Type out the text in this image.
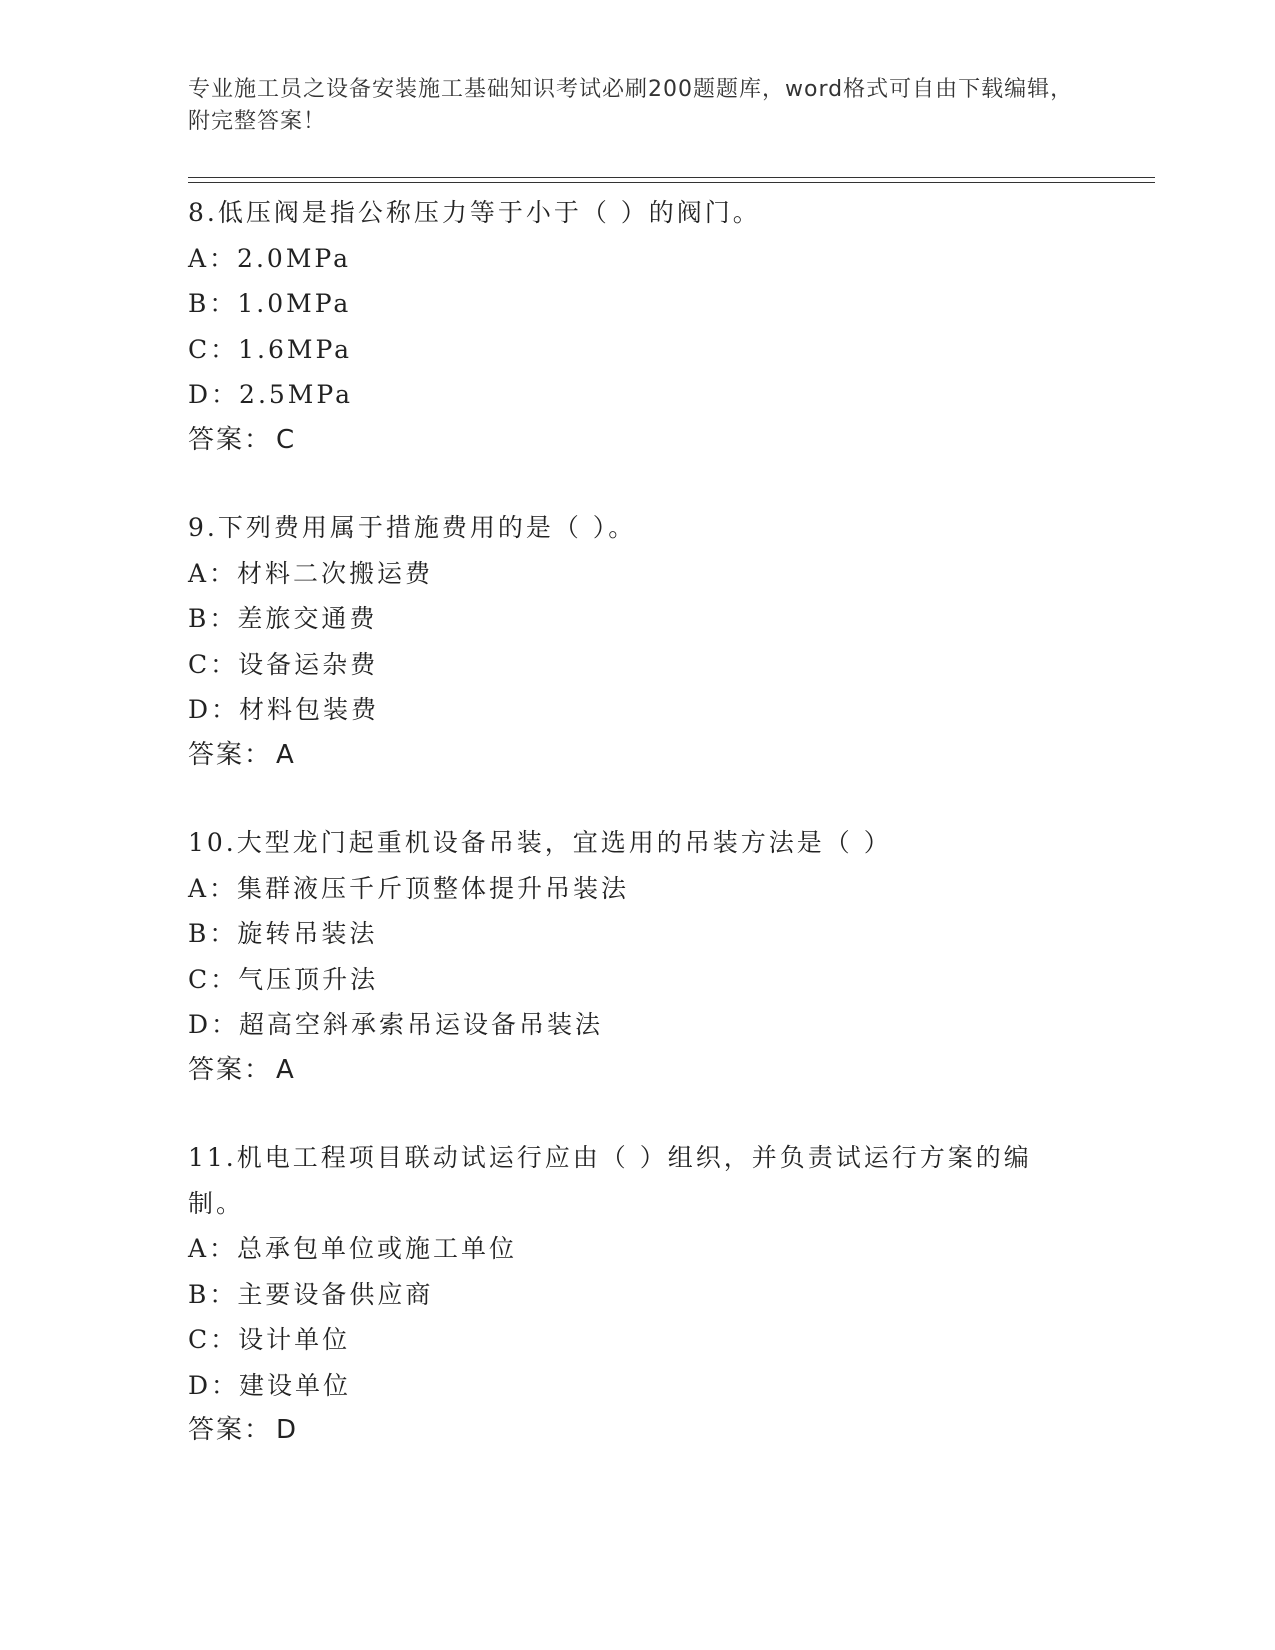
专业施工员之设备安装施工基础知识考试必刷200题题库，word格式可自由下载编辑，附完整答案！
8.低压阀是指公称压力等于小于（ ）的阀门。
A：2.0MPa
B：1.0MPa
C：1.6MPa
D：2.5MPa
答案： C
9.下列费用属于措施费用的是（ ）。
A：材料二次搬运费
B：差旅交通费
C：设备运杂费
D：材料包装费
答案： A
10.大型龙门起重机设备吊装，宜选用的吊装方法是（ ）
A：集群液压千斤顶整体提升吊装法
B：旋转吊装法
C：气压顶升法
D：超高空斜承索吊运设备吊装法
答案： A
11.机电工程项目联动试运行应由（ ）组织，并负责试运行方案的编制。
A：总承包单位或施工单位
B：主要设备供应商
C：设计单位
D：建设单位
答案： D
